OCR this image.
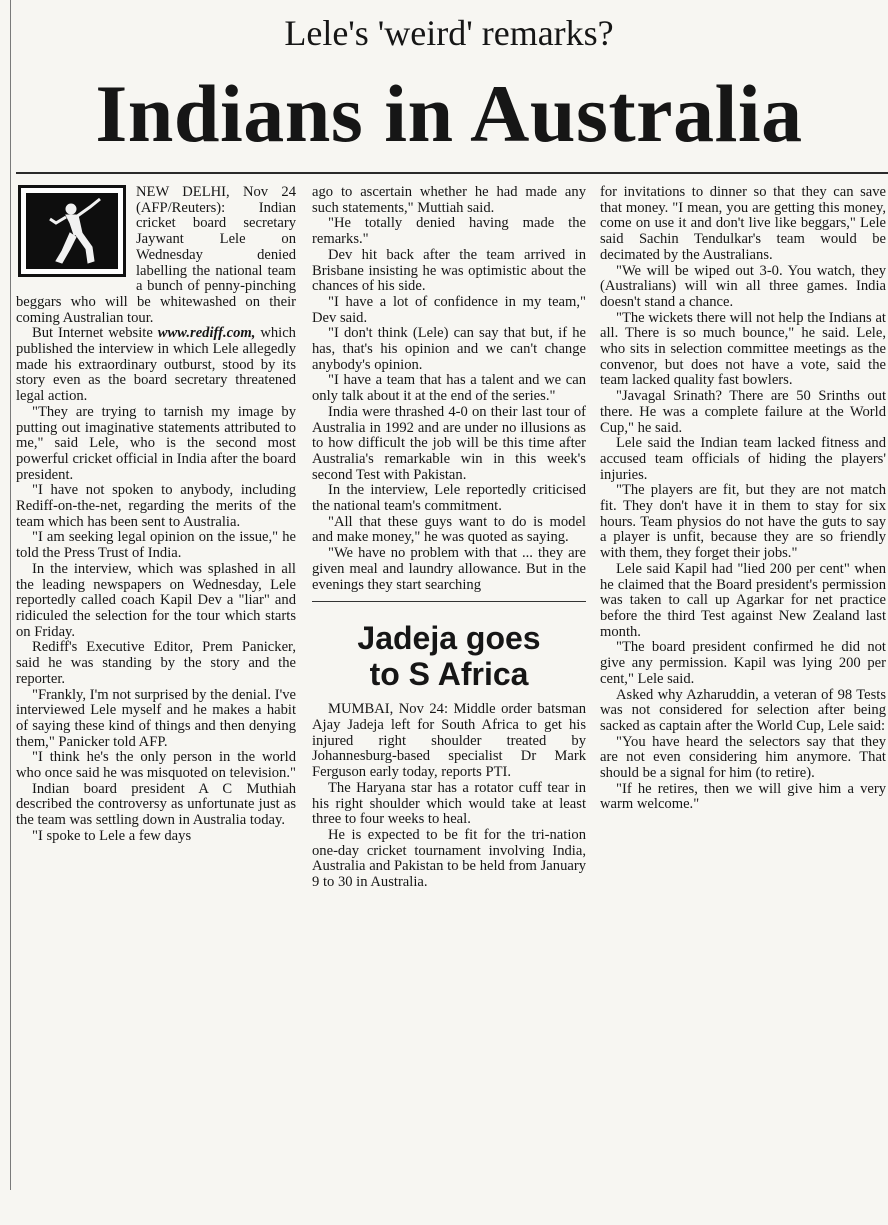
Lele's 'weird' remarks?
Indians in Australia

NEW DELHI, Nov 24 (AFP/Reuters): Indian cricket board secretary Jaywant Lele on Wednesday denied labelling the national team a bunch of penny-pinching beggars who will be whitewashed on their coming Australian tour.

But Internet website www.rediff.com, which published the interview in which Lele allegedly made his extraordinary outburst, stood by its story even as the board secretary threatened legal action.

"They are trying to tarnish my image by putting out imaginative statements attributed to me," said Lele, who is the second most powerful cricket official in India after the board president.

"I have not spoken to anybody, including Rediff-on-the-net, regarding the merits of the team which has been sent to Australia.

"I am seeking legal opinion on the issue," he told the Press Trust of India.

In the interview, which was splashed in all the leading newspapers on Wednesday, Lele reportedly called coach Kapil Dev a "liar" and ridiculed the selection for the tour which starts on Friday.

Rediff's Executive Editor, Prem Panicker, said he was standing by the story and the reporter.

"Frankly, I'm not surprised by the denial. I've interviewed Lele myself and he makes a habit of saying these kind of things and then denying them," Panicker told AFP.

"I think he's the only person in the world who once said he was misquoted on television."

Indian board president A C Muthiah described the controversy as unfortunate just as the team was settling down in Australia today.

"I spoke to Lele a few days

ago to ascertain whether he had made any such statements," Muttiah said.

"He totally denied having made the remarks."

Dev hit back after the team arrived in Brisbane insisting he was optimistic about the chances of his side.

"I have a lot of confidence in my team," Dev said.

"I don't think (Lele) can say that but, if he has, that's his opinion and we can't change anybody's opinion.

"I have a team that has a talent and we can only talk about it at the end of the series."

India were thrashed 4-0 on their last tour of Australia in 1992 and are under no illusions as to how difficult the job will be this time after Australia's remarkable win in this week's second Test with Pakistan.

In the interview, Lele reportedly criticised the national team's commitment.

"All that these guys want to do is model and make money," he was quoted as saying.

"We have no problem with that ... they are given meal and laundry allowance. But in the evenings they start searching

Jadeja goes
to S Africa

MUMBAI, Nov 24: Middle order batsman Ajay Jadeja left for South Africa to get his injured right shoulder treated by Johannesburg-based specialist Dr Mark Ferguson early today, reports PTI.

The Haryana star has a rotator cuff tear in his right shoulder which would take at least three to four weeks to heal.

He is expected to be fit for the tri-nation one-day cricket tournament involving India, Australia and Pakistan to be held from January 9 to 30 in Australia.

for invitations to dinner so that they can save that money. "I mean, you are getting this money, come on use it and don't live like beggars," Lele said Sachin Tendulkar's team would be decimated by the Australians.

"We will be wiped out 3-0. You watch, they (Australians) will win all three games. India doesn't stand a chance.

"The wickets there will not help the Indians at all. There is so much bounce," he said. Lele, who sits in selection committee meetings as the convenor, but does not have a vote, said the team lacked quality fast bowlers.

"Javagal Srinath? There are 50 Srinths out there. He was a complete failure at the World Cup," he said.

Lele said the Indian team lacked fitness and accused team officials of hiding the players' injuries.

"The players are fit, but they are not match fit. They don't have it in them to stay for six hours. Team physios do not have the guts to say a player is unfit, because they are so friendly with them, they forget their jobs."

Lele said Kapil had "lied 200 per cent" when he claimed that the Board president's permission was taken to call up Agarkar for net practice before the third Test against New Zealand last month.

"The board president confirmed he did not give any permission. Kapil was lying 200 per cent," Lele said.

Asked why Azharuddin, a veteran of 98 Tests was not considered for selection after being sacked as captain after the World Cup, Lele said:

"You have heard the selectors say that they are not even considering him anymore. That should be a signal for him (to retire).

"If he retires, then we will give him a very warm welcome."
